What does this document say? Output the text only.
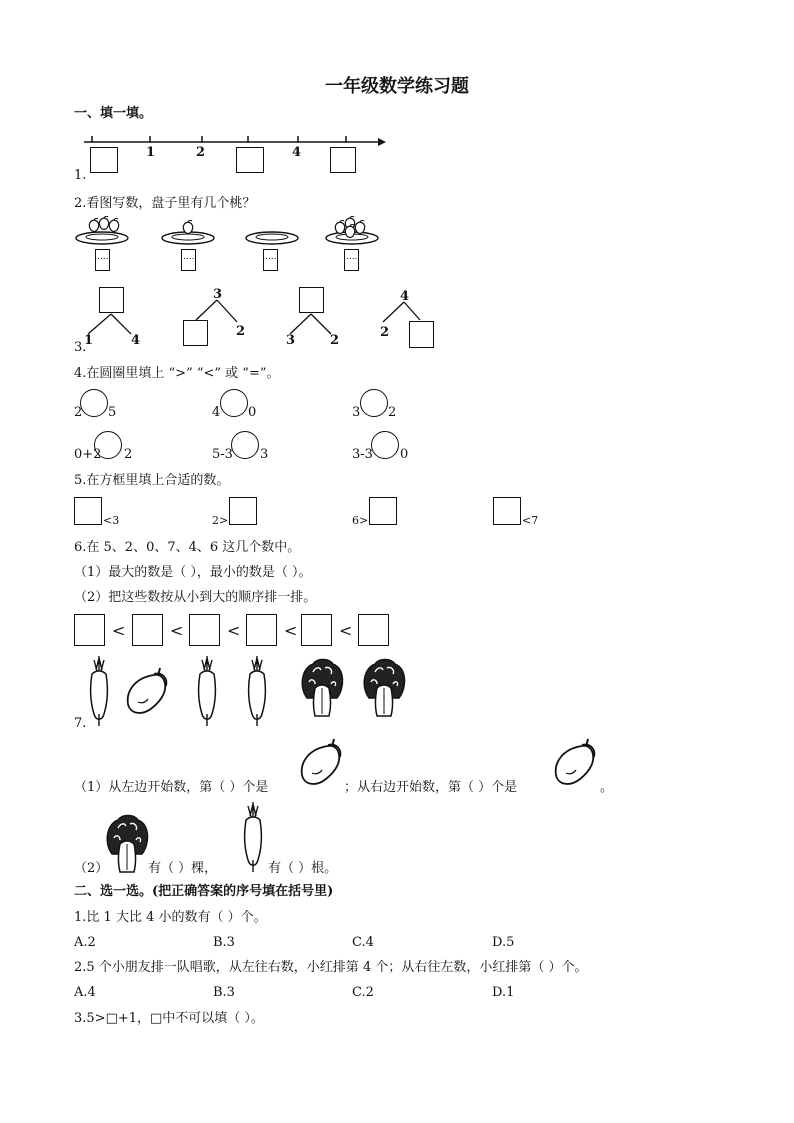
一年级数学练习题
一、填一填。
1	2	4
1.
2.看图写数，盘子里有几个桃？
....	....	....	....
3.
1	4
3
2
3	2
4
2
4.在圆圈里填上 “>” “<” 或 “=”。
2 5	4 0	3 2
0+2 2	5-3 3	3-3 0
5.在方框里填上合适的数。
<3	2>	6>	<7
6.在 5、2、0、7、4、6 这几个数中。
（1）最大的数是（ ），最小的数是（ ）。
（2）把这些数按从小到大的顺序排一排。
<	<	<	<	<
7.
（1）从左边开始数，第（ ）个是	；从右边开始数，第（ ）个是	。
（2）	有（ ）棵，	有（ ）根。
二、选一选。(把正确答案的序号填在括号里)
1.比 1 大比 4 小的数有（ ）个。
A.2	B.3	C.4	D.5
2.5 个小朋友排一队唱歌，从左往右数，小红排第 4 个；从右往左数，小红排第（ ）个。
A.4	B.3	C.2	D.1
3.5>□+1，□中不可以填（ ）。
